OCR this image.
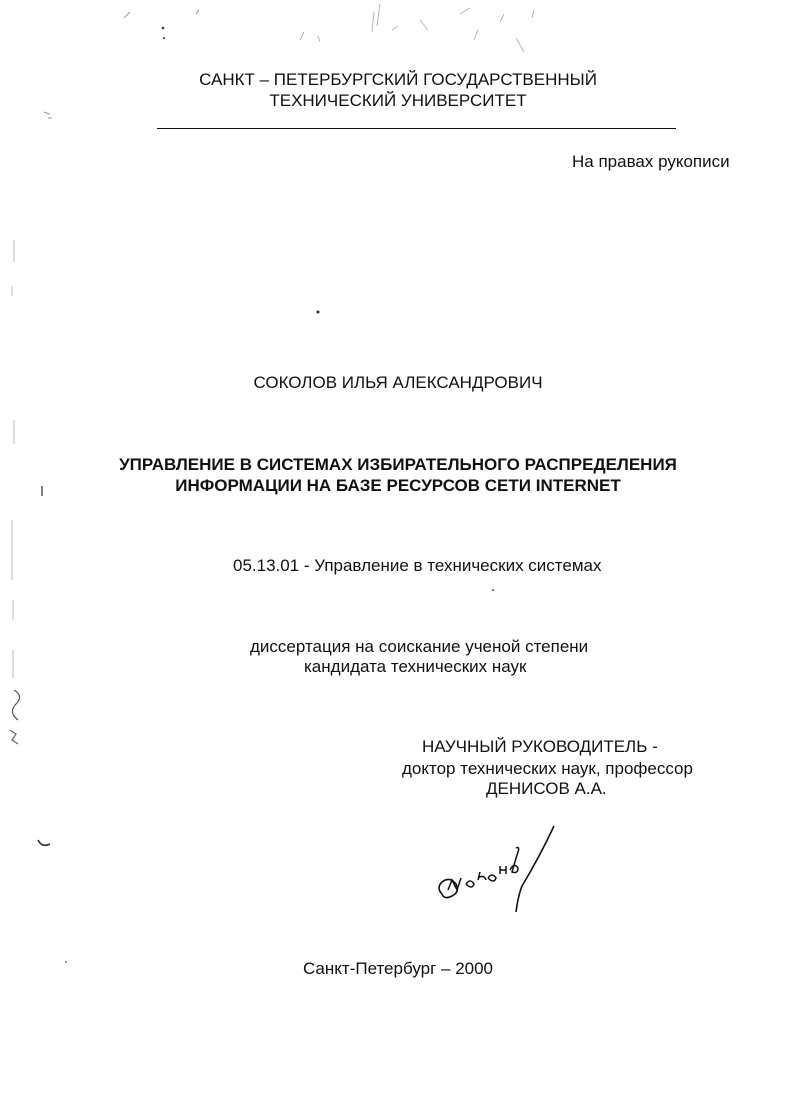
САНКТ – ПЕТЕРБУРГСКИЙ ГОСУДАРСТВЕННЫЙ
ТЕХНИЧЕСКИЙ УНИВЕРСИТЕТ
На правах рукописи
СОКОЛОВ ИЛЬЯ АЛЕКСАНДРОВИЧ
УПРАВЛЕНИЕ В СИСТЕМАХ ИЗБИРАТЕЛЬНОГО РАСПРЕДЕЛЕНИЯ
ИНФОРМАЦИИ НА БАЗЕ РЕСУРСОВ СЕТИ INTERNET
05.13.01 - Управление в технических системах
диссертация на соискание ученой степени
кандидата технических наук
НАУЧНЫЙ РУКОВОДИТЕЛЬ -
доктор технических наук, профессор
ДЕНИСОВ А.А.
Санкт-Петербург – 2000
